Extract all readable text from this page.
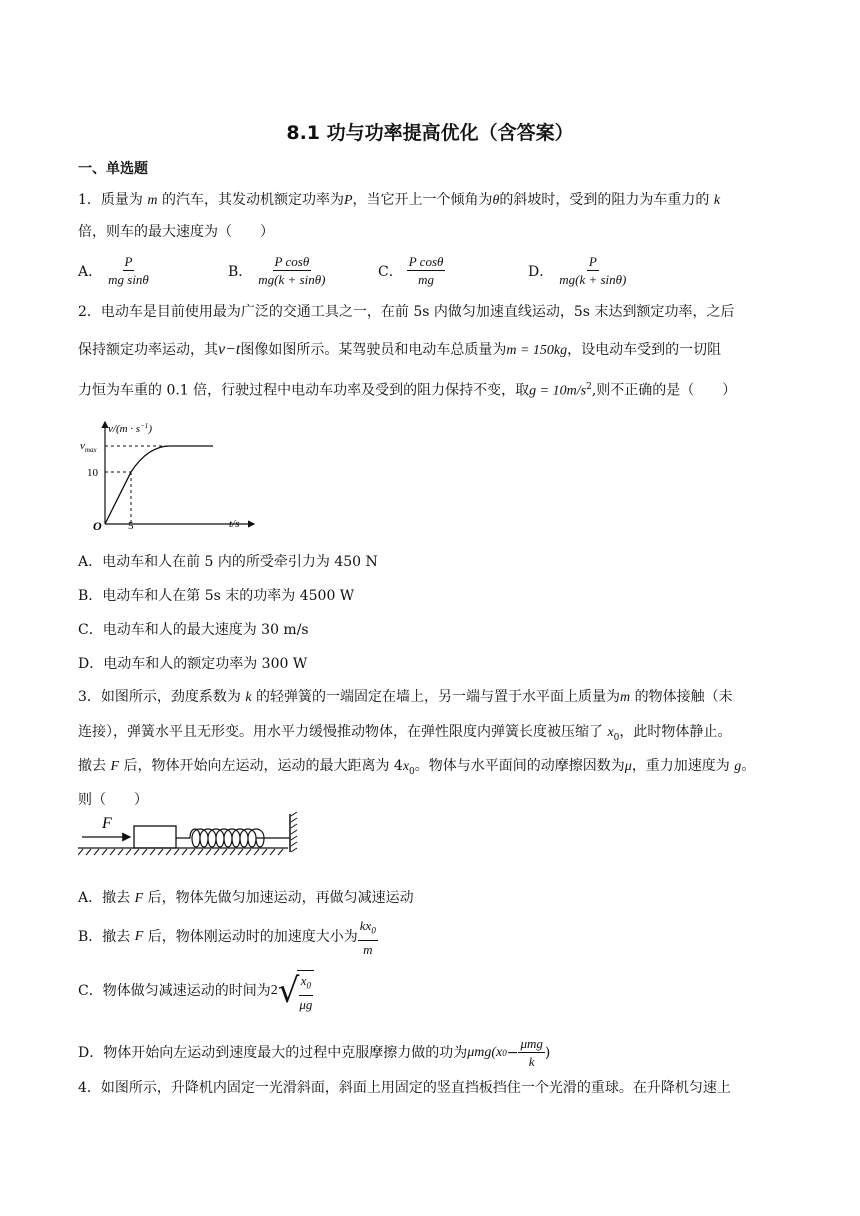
8.1 功与功率提高优化（含答案）
一、单选题
1．质量为 m 的汽车，其发动机额定功率为P，当它开上一个倾角为θ的斜坡时，受到的阻力为车重力的 k
倍，则车的最大速度为（　　）
A． $\frac{P}{\text{mg sinθ}}$	B． $\frac{\text{P cosθ}}{mg(k + \sin\theta)}$	C． $\frac{\text{P cosθ}}{mg}$	D． $\frac{P}{mg(k + \sin\theta)}$
2．电动车是目前使用最为广泛的交通工具之一，在前 5s 内做匀加速直线运动，5s 末达到额定功率，之后
保持额定功率运动，其v−t图像如图所示。某驾驶员和电动车总质量为m = 150kg，设电动车受到的一切阻
力恒为车重的 0.1 倍，行驶过程中电动车功率及受到的阻力保持不变，取$g = 10m/s^2$,则不正确的是（　　）
$v/(m \cdot s^{-1})$
$v_{max}$
10
O 5	t/s
A．电动车和人在前 5 内的所受牵引力为 450 N
B．电动车和人在第 5s 末的功率为 4500 W
C．电动车和人的最大速度为 30 m/s
D．电动车和人的额定功率为 300 W
3．如图所示，劲度系数为 k 的轻弹簧的一端固定在墙上，另一端与置于水平面上质量为m 的物体接触（未
连接），弹簧水平且无形变。用水平力缓慢推动物体，在弹性限度内弹簧长度被压缩了 $x_0$，此时物体静止。
撤去 F 后，物体开始向左运动，运动的最大距离为 $4x_0$。物体与水平面间的动摩擦因数为μ，重力加速度为 g。
则（　　）
F
A．撤去 F 后，物体先做匀加速运动，再做匀减速运动
B．撤去
F
后，物体刚运动时的加速度大小为 $\frac{kx_0}{m}$
C．物体做匀减速运动的时间为 2 √
$\frac{x_0}{\mu g}$
D．物体开始向左运动到速度最大的过程中克服摩擦力做的功为 μmg(x $0 - \frac{\text{μmg}}{k}$ )
4．如图所示，升降机内固定一光滑斜面，斜面上用固定的竖直挡板挡住一个光滑的重球。在升降机匀速上
